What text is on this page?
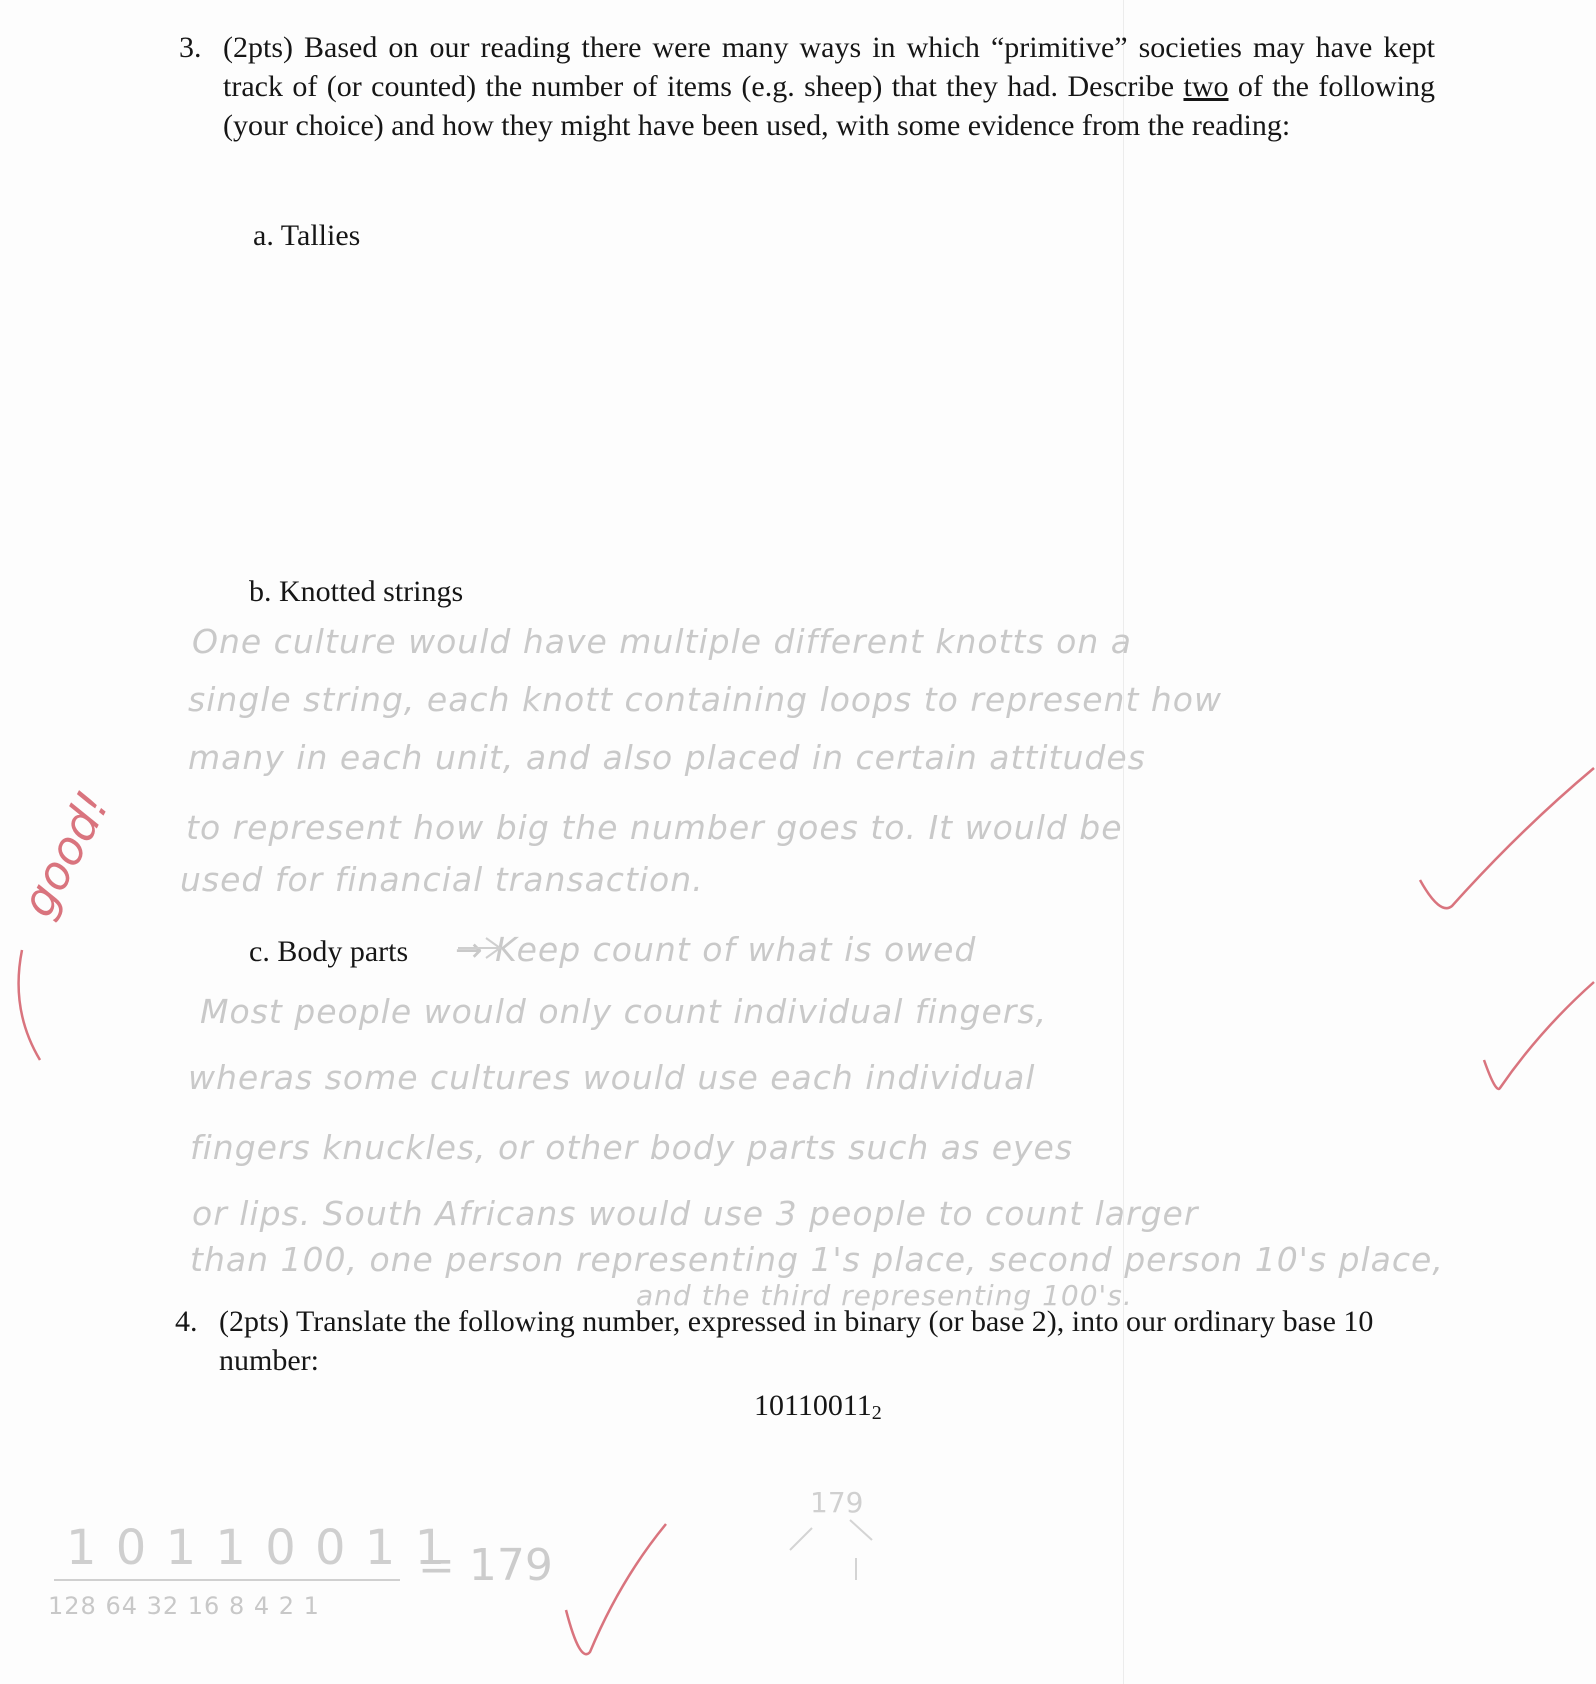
3. (2pts) Based on our reading there were many ways in which “primitive” societies may have kept track of (or counted) the number of items (e.g. sheep) that they had. Describe two of the following (your choice) and how they might have been used, with some evidence from the reading:
a. Tallies
b. Knotted strings
c. Body parts
One culture would have multiple different knotts on a
single string, each knott containing loops to represent how
many in each unit, and also placed in certain attitudes
to represent how big the number goes to. It would be
used for financial transaction.
→ Keep count of what is owed
Most people would only count individual fingers,
wheras some cultures would use each individual
fingers knuckles, or other body parts such as eyes
or lips. South Africans would use 3 people to count larger
than 100, one person representing 1's place, second person 10's place,
and the third representing 100's.
4. (2pts) Translate the following number, expressed in binary (or base 2), into our ordinary base 10 number:
$10110011_2$
1 0 1 1 0 0 1 1
128 64 32 16 8 4 2 1
= 179
179
good!
